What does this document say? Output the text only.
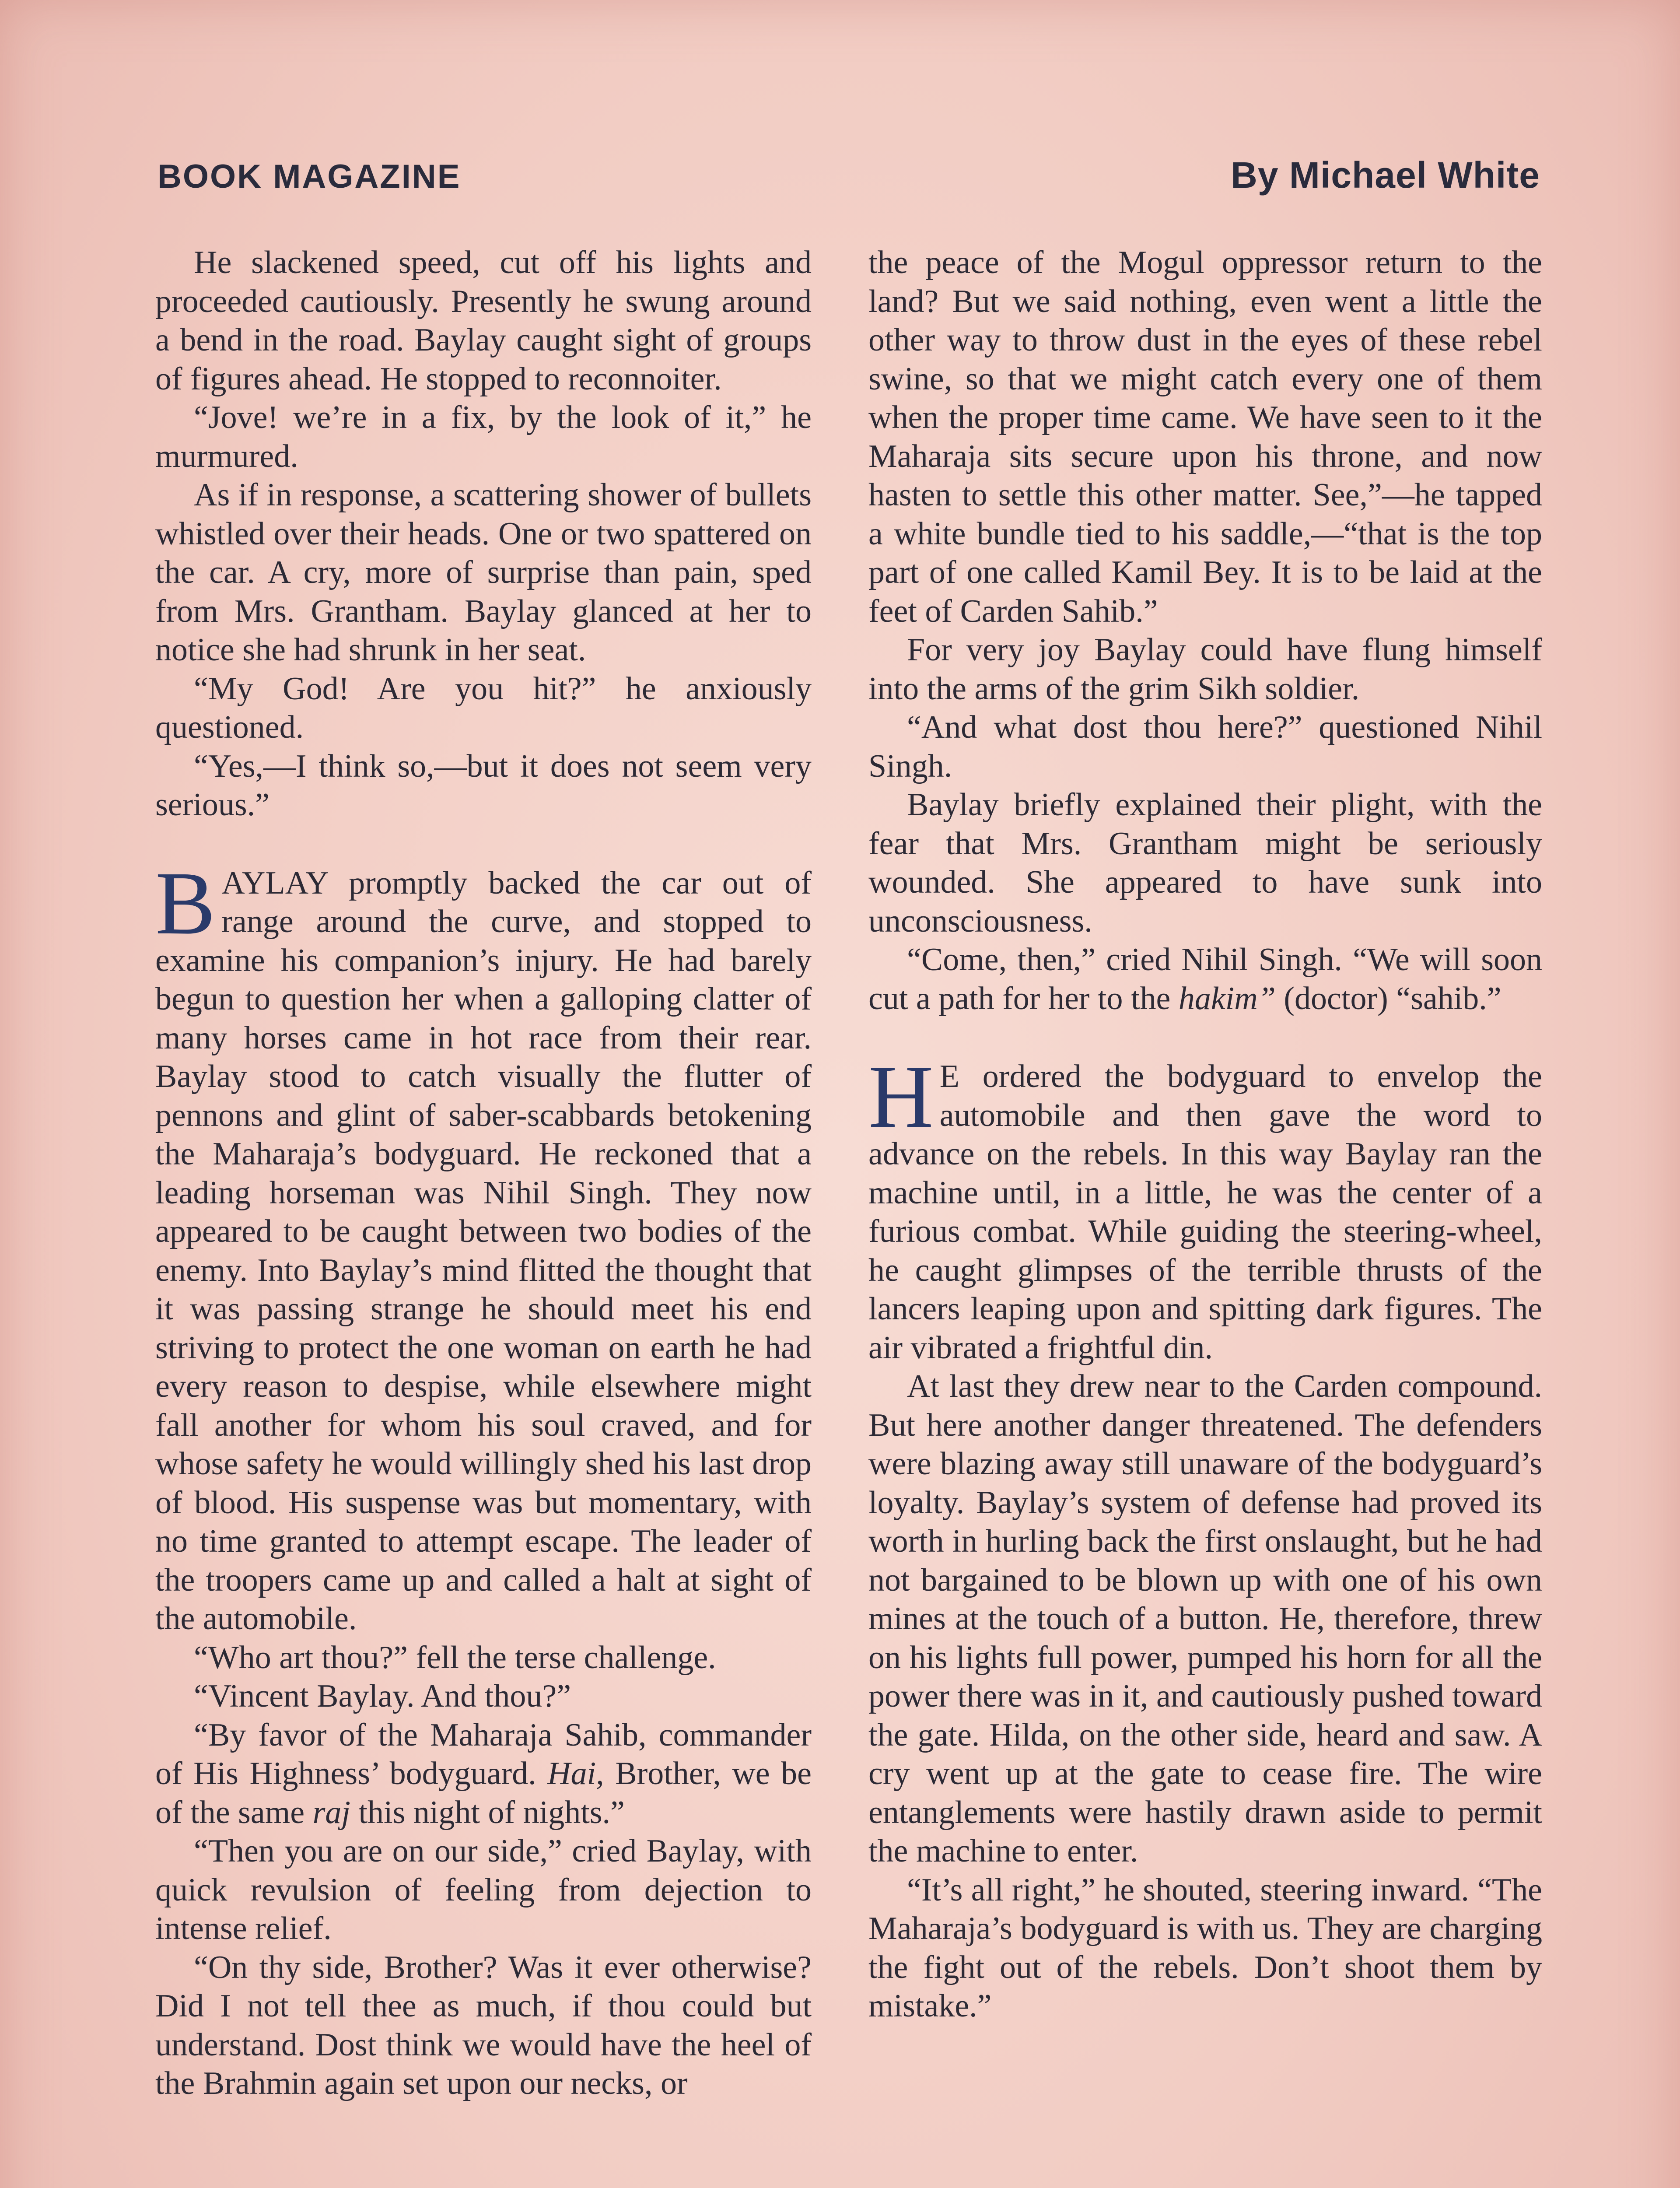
BOOK MAGAZINE	By Michael White

He slackened speed, cut off his lights and proceeded cautiously. Presently he swung around a bend in the road. Baylay caught sight of groups of figures ahead. He stopped to reconnoiter.

“Jove! we’re in a fix, by the look of it,” he murmured.

As if in response, a scattering shower of bullets whistled over their heads. One or two spattered on the car. A cry, more of surprise than pain, sped from Mrs. Grantham. Baylay glanced at her to notice she had shrunk in her seat.

“My God! Are you hit?” he anxiously questioned.

“Yes,—I think so,—but it does not seem very serious.”

BAYLAY promptly backed the car out of range around the curve, and stopped to examine his companion’s injury. He had barely begun to question her when a galloping clatter of many horses came in hot race from their rear. Baylay stood to catch visually the flutter of pennons and glint of saber-scabbards betokening the Maharaja’s bodyguard. He reckoned that a leading horseman was Nihil Singh. They now appeared to be caught between two bodies of the enemy. Into Baylay’s mind flitted the thought that it was passing strange he should meet his end striving to protect the one woman on earth he had every reason to despise, while elsewhere might fall another for whom his soul craved, and for whose safety he would willingly shed his last drop of blood. His suspense was but momentary, with no time granted to attempt escape. The leader of the troopers came up and called a halt at sight of the automobile.

“Who art thou?” fell the terse challenge.

“Vincent Baylay. And thou?”

“By favor of the Maharaja Sahib, commander of His Highness’ bodyguard. Hai, Brother, we be of the same raj this night of nights.”

“Then you are on our side,” cried Baylay, with quick revulsion of feeling from dejection to intense relief.

“On thy side, Brother? Was it ever otherwise? Did I not tell thee as much, if thou could but understand. Dost think we would have the heel of the Brahmin again set upon our necks, or

the peace of the Mogul oppressor return to the land? But we said nothing, even went a little the other way to throw dust in the eyes of these rebel swine, so that we might catch every one of them when the proper time came. We have seen to it the Maharaja sits secure upon his throne, and now hasten to settle this other matter. See,”—he tapped a white bundle tied to his saddle,—“that is the top part of one called Kamil Bey. It is to be laid at the feet of Carden Sahib.”

For very joy Baylay could have flung himself into the arms of the grim Sikh soldier.

“And what dost thou here?” questioned Nihil Singh.

Baylay briefly explained their plight, with the fear that Mrs. Grantham might be seriously wounded. She appeared to have sunk into unconsciousness.

“Come, then,” cried Nihil Singh. “We will soon cut a path for her to the hakim” (doctor) “sahib.”

H E ordered the bodyguard to envelop the automobile and then gave the word to advance on the rebels. In this way Baylay ran the machine until, in a little, he was the center of a furious combat. While guiding the steering-wheel, he caught glimpses of the terrible thrusts of the lancers leaping upon and spitting dark figures. The air vibrated a frightful din.

At last they drew near to the Carden compound. But here another danger threatened. The defenders were blazing away still unaware of the bodyguard’s loyalty. Baylay’s system of defense had proved its worth in hurling back the first onslaught, but he had not bargained to be blown up with one of his own mines at the touch of a button. He, therefore, threw on his lights full power, pumped his horn for all the power there was in it, and cautiously pushed toward the gate. Hilda, on the other side, heard and saw. A cry went up at the gate to cease fire. The wire entanglements were hastily drawn aside to permit the machine to enter.

“It’s all right,” he shouted, steering inward. “The Maharaja’s bodyguard is with us. They are charging the fight out of the rebels. Don’t shoot them by mistake.”
